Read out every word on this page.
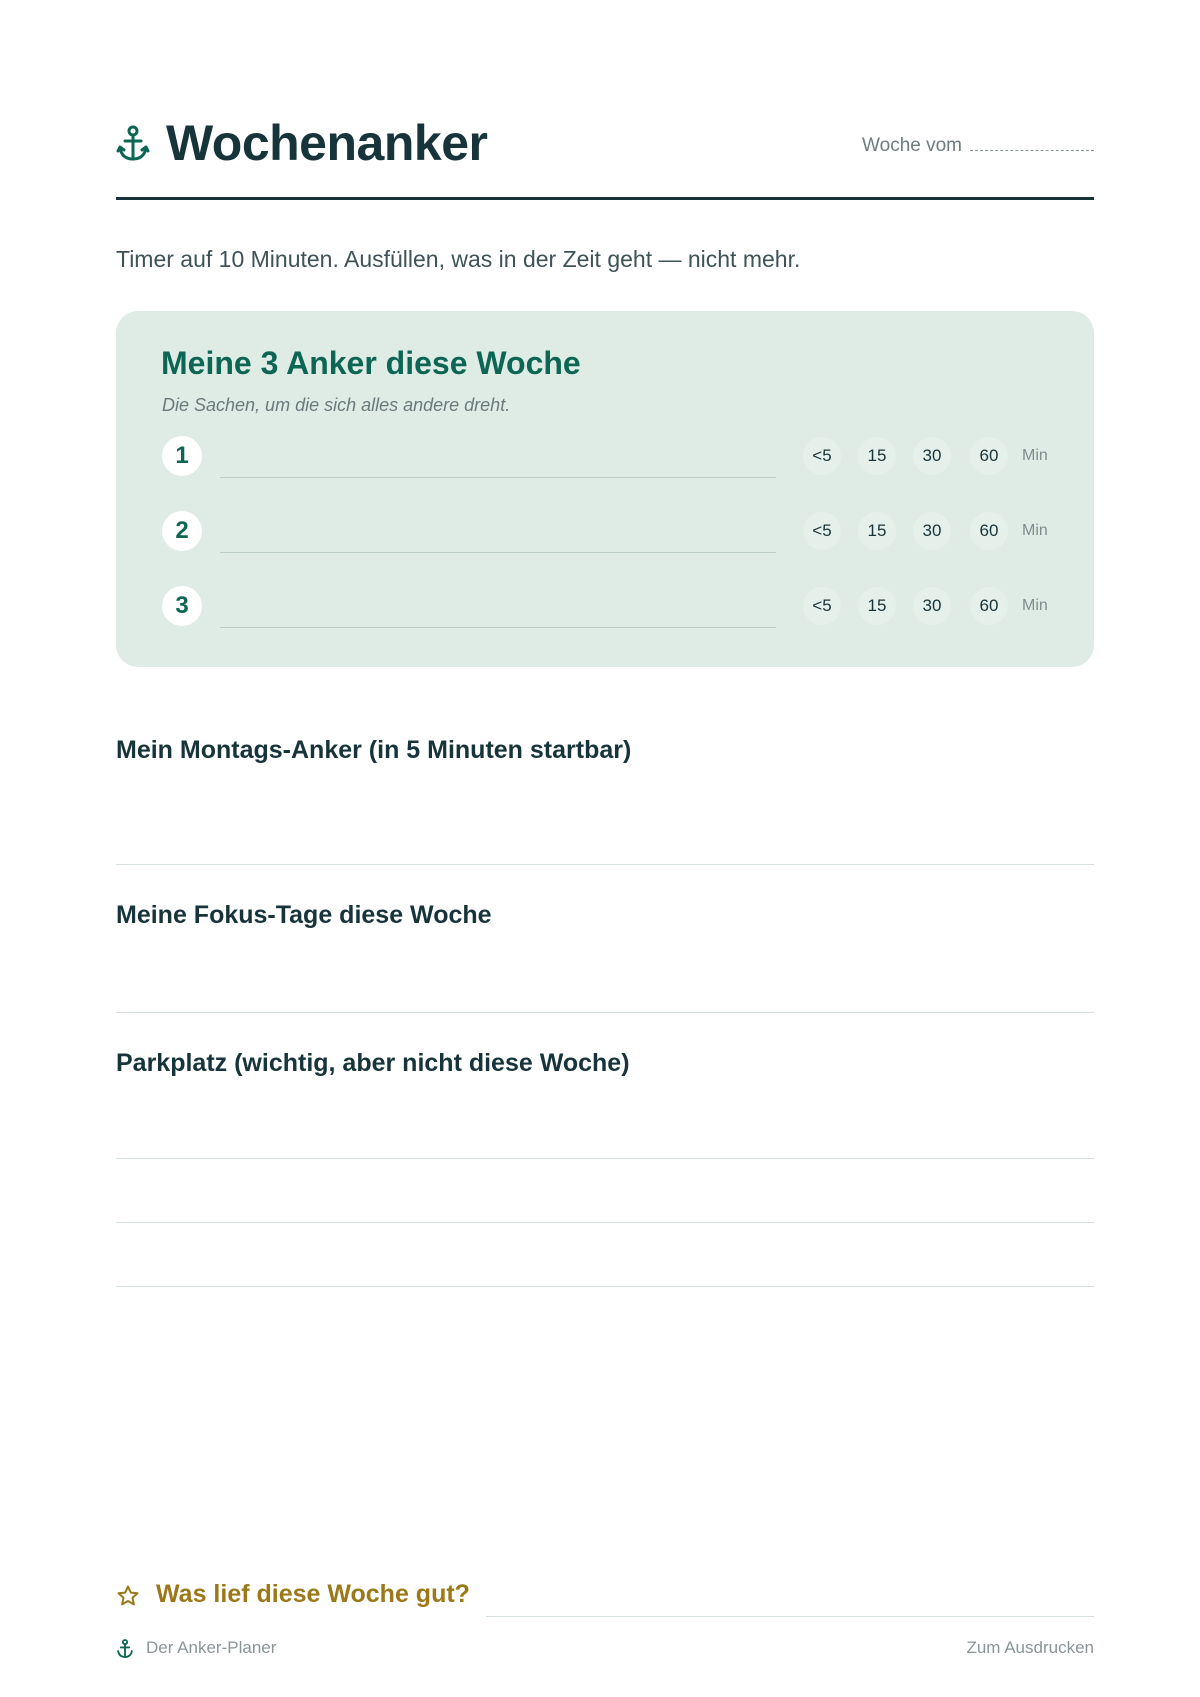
Wochenanker	Woche vom
Timer auf 10 Minuten. Ausfüllen, was in der Zeit geht — nicht mehr.
Meine 3 Anker diese Woche
Die Sachen, um die sich alles andere dreht.
1	<5	15	30	60	Min
2	<5	15	30	60	Min
3	<5	15	30	60	Min
Mein Montags-Anker (in 5 Minuten startbar)
Meine Fokus-Tage diese Woche
Parkplatz (wichtig, aber nicht diese Woche)
Was lief diese Woche gut?
Der Anker-Planer	Zum Ausdrucken
